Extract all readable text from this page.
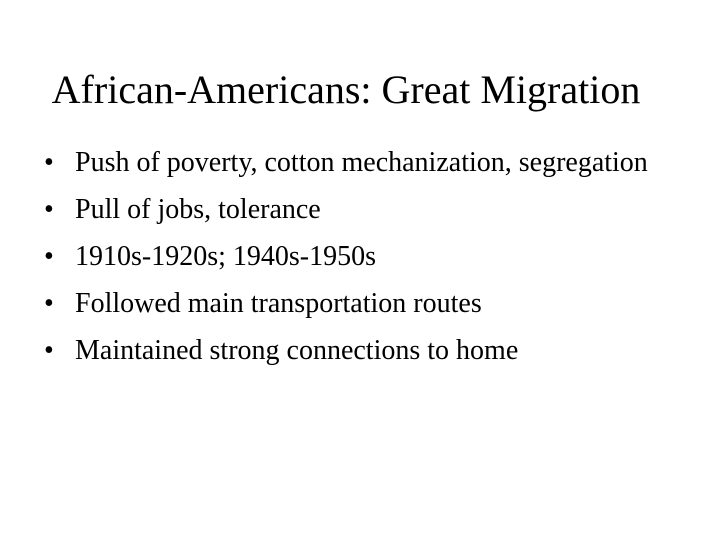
African-Americans: Great Migration
• Push of poverty, cotton mechanization, segregation
• Pull of jobs, tolerance
• 1910s-1920s; 1940s-1950s
• Followed main transportation routes
• Maintained strong connections to home
